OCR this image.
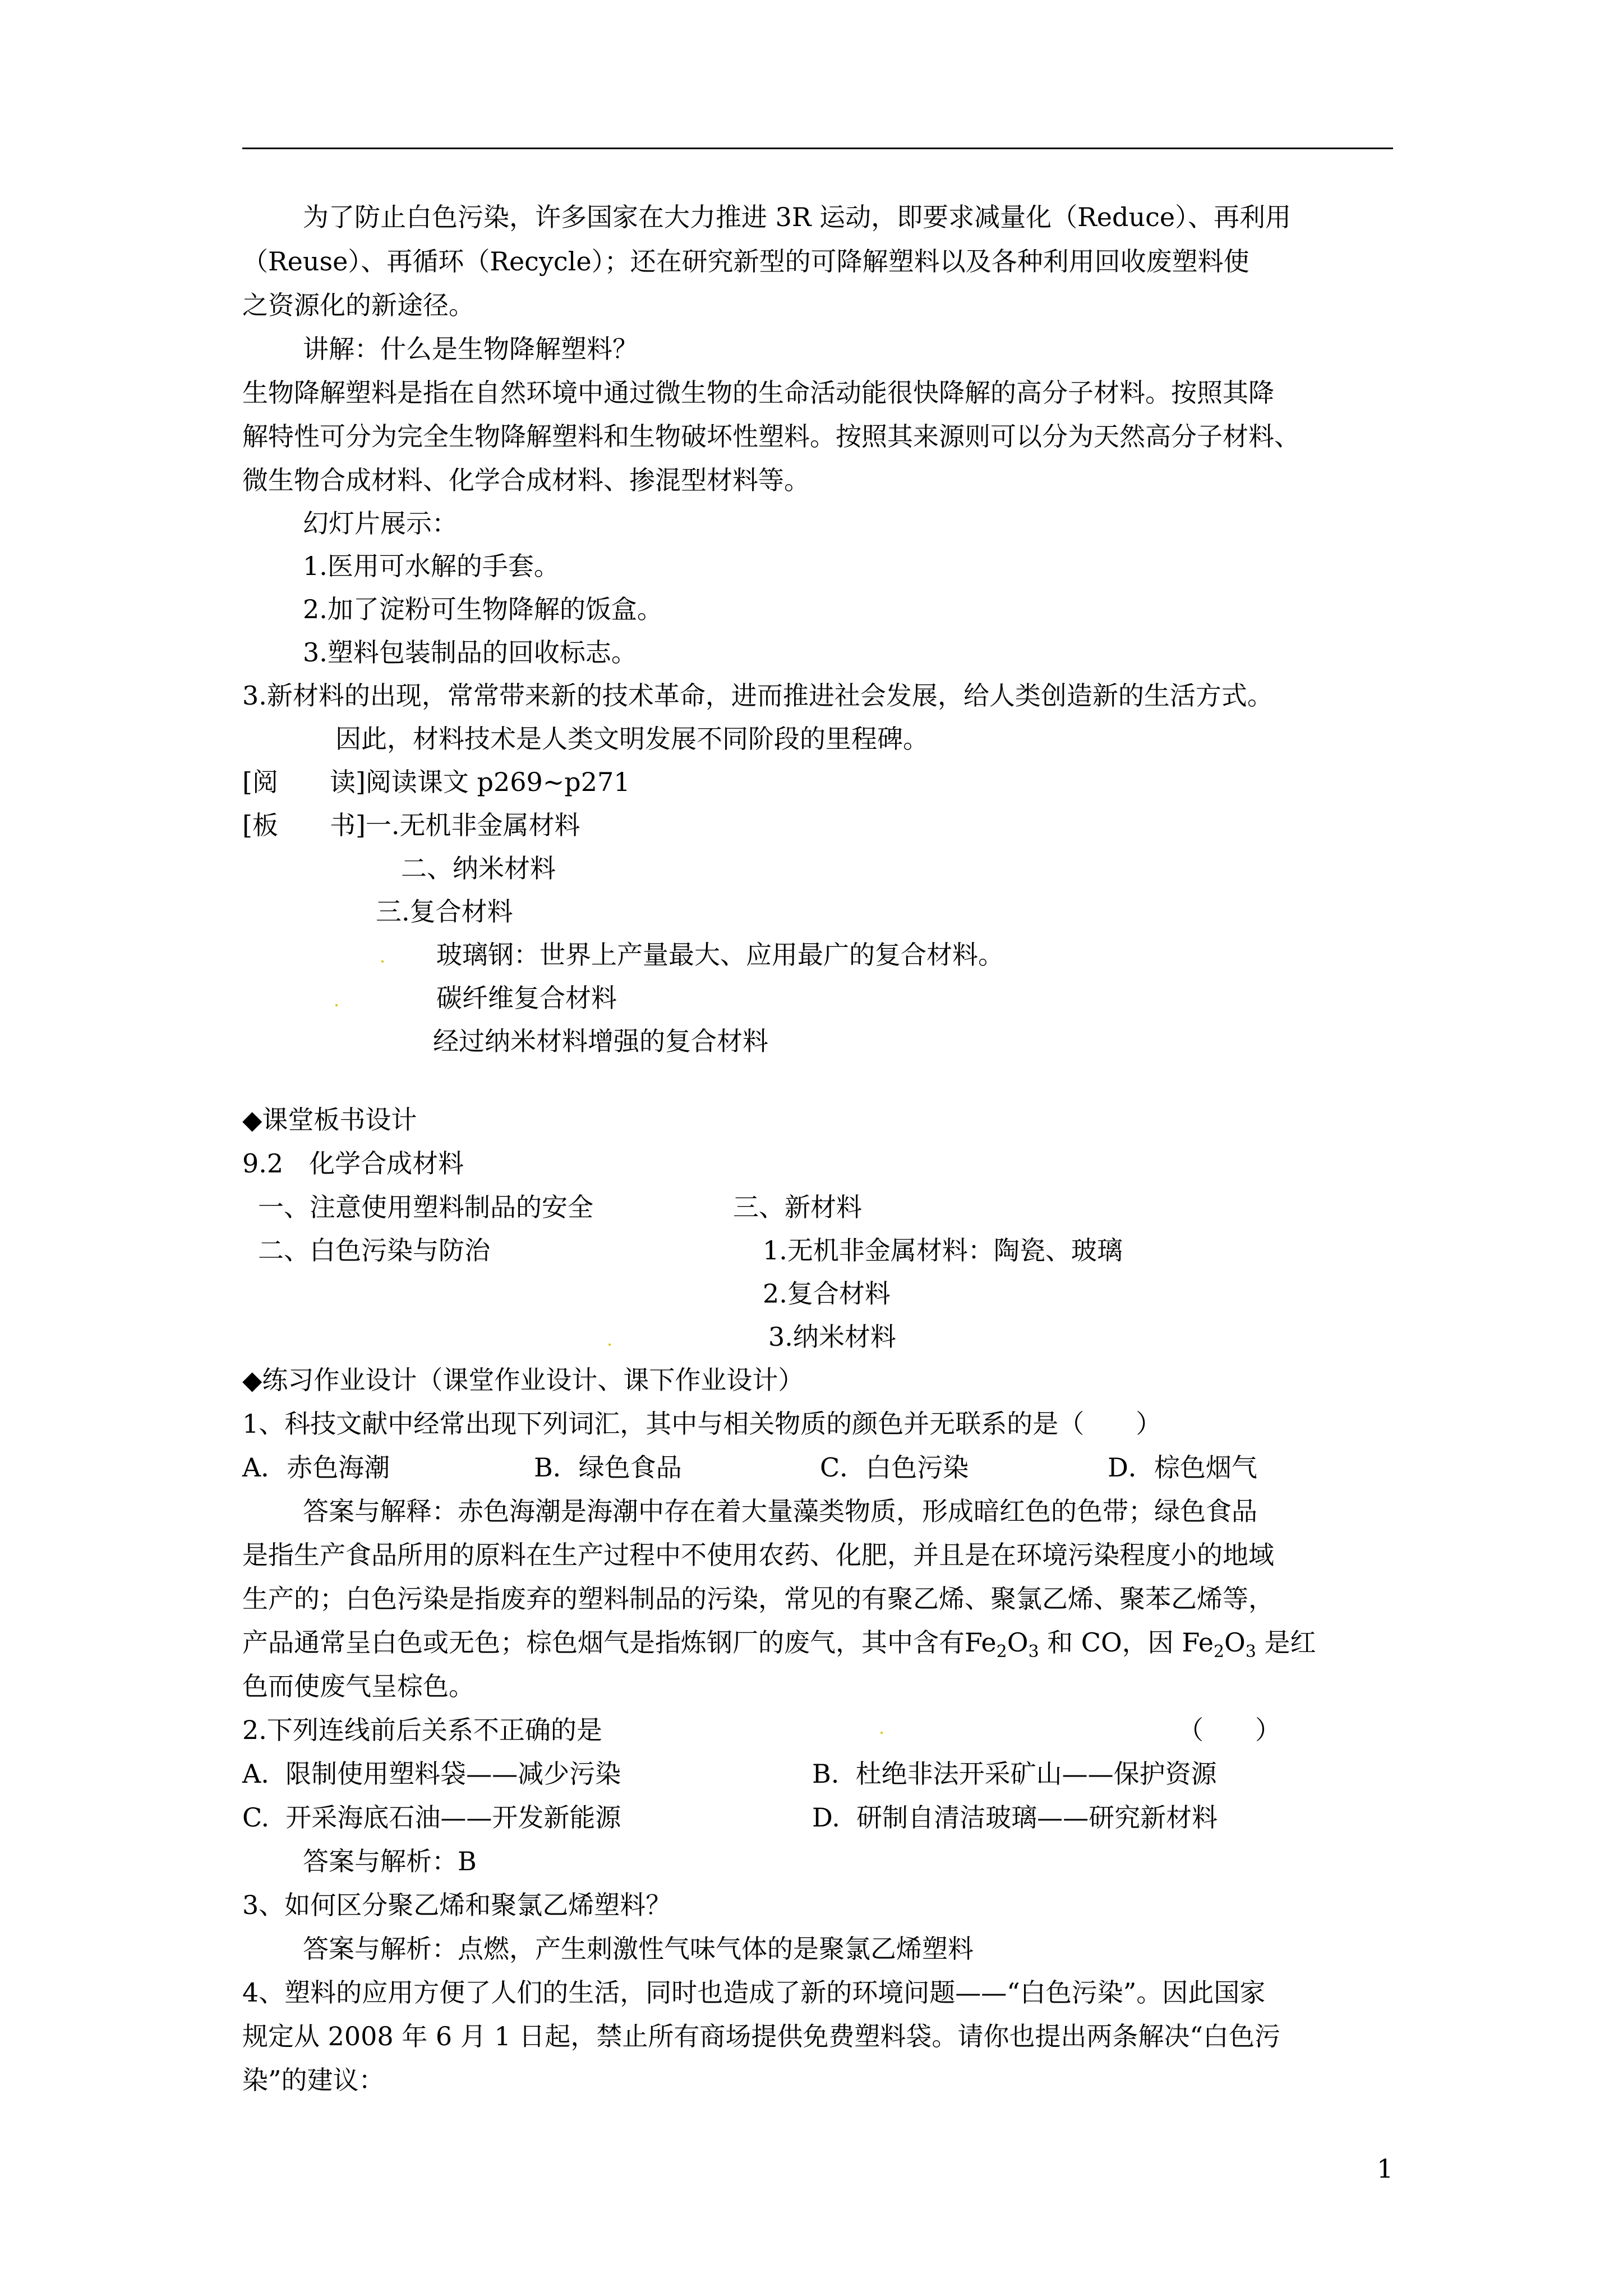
为了防止白色污染，许多国家在大力推进 3R 运动，即要求减量化（Reduce）、再利用

（Reuse）、再循环（Recycle）；还在研究新型的可降解塑料以及各种利用回收废塑料使

之资源化的新途径。

讲解：什么是生物降解塑料？

生物降解塑料是指在自然环境中通过微生物的生命活动能很快降解的高分子材料。按照其降

解特性可分为完全生物降解塑料和生物破坏性塑料。按照其来源则可以分为天然高分子材料、

微生物合成材料、化学合成材料、掺混型材料等。

幻灯片展示：

1.医用可水解的手套。

2.加了淀粉可生物降解的饭盒。

3.塑料包装制品的回收标志。

3.新材料的出现，常常带来新的技术革命，进而推进社会发展，给人类创造新的生活方式。

因此，材料技术是人类文明发展不同阶段的里程碑。

[阅　　读]阅读课文 p269~p271

[板　　书]一.无机非金属材料

二、纳米材料

三.复合材料

玻璃钢：世界上产量最大、应用最广的复合材料。

碳纤维复合材料

经过纳米材料增强的复合材料

◆课堂板书设计

9.2　化学合成材料

一、注意使用塑料制品的安全	三、新材料

二、白色污染与防治	1.无机非金属材料：陶瓷、玻璃

2.复合材料

3.纳米材料

◆练习作业设计（课堂作业设计、课下作业设计）

1、科技文献中经常出现下列词汇，其中与相关物质的颜色并无联系的是（　　）

A．赤色海潮	B．绿色食品	C．白色污染	D．棕色烟气

答案与解释：赤色海潮是海潮中存在着大量藻类物质，形成暗红色的色带；绿色食品

是指生产食品所用的原料在生产过程中不使用农药、化肥，并且是在环境污染程度小的地域

生产的；白色污染是指废弃的塑料制品的污染，常见的有聚乙烯、聚氯乙烯、聚苯乙烯等，

产品通常呈白色或无色；棕色烟气是指炼钢厂的废气，其中含有$Fe_2O_3$ 和 CO，因 $Fe_2O_3$ 是红

色而使废气呈棕色。

2.下列连线前后关系不正确的是	（　　）

A.  限制使用塑料袋——减少污染	B.  杜绝非法开采矿山——保护资源

C.  开采海底石油——开发新能源	D.  研制自清洁玻璃——研究新材料

答案与解析：B

3、如何区分聚乙烯和聚氯乙烯塑料？

答案与解析：点燃，产生刺激性气味气体的是聚氯乙烯塑料

4、塑料的应用方便了人们的生活，同时也造成了新的环境问题——“白色污染”。因此国家

规定从 2008 年 6 月 1 日起，禁止所有商场提供免费塑料袋。请你也提出两条解决“白色污

染”的建议：

1
